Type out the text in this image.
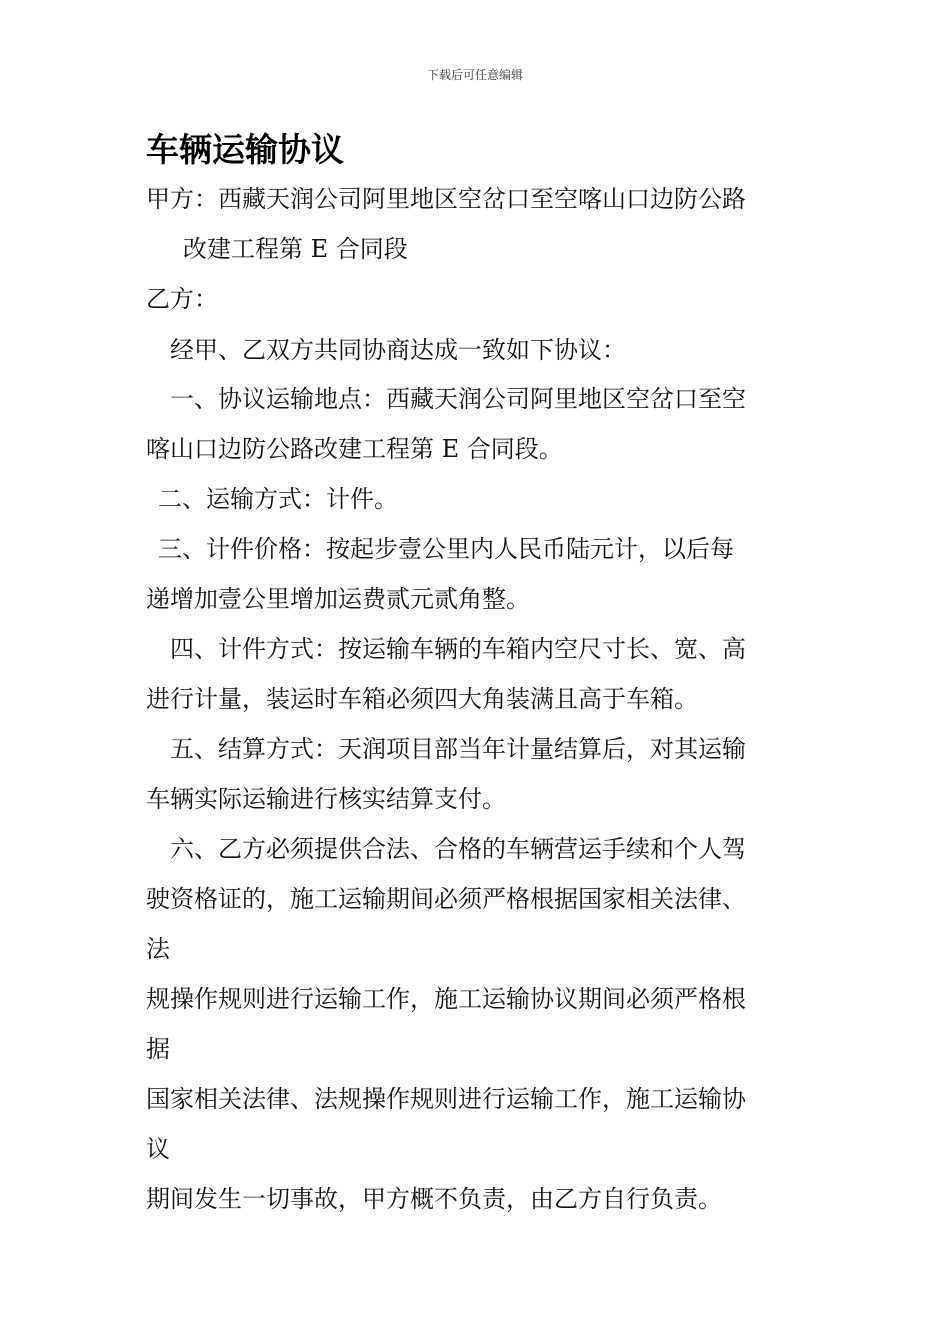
下载后可任意编辑
车辆运输协议

甲方：西藏天润公司阿里地区空岔口至空喀山口边防公路

改建工程第 E 合同段

乙方：

经甲、乙双方共同协商达成一致如下协议：

一、协议运输地点：西藏天润公司阿里地区空岔口至空

喀山口边防公路改建工程第 E 合同段。

二、运输方式：计件。

三、计件价格：按起步壹公里内人民币陆元计，以后每

递增加壹公里增加运费贰元贰角整。

四、计件方式：按运输车辆的车箱内空尺寸长、宽、高

进行计量，装运时车箱必须四大角装满且高于车箱。

五、结算方式：天润项目部当年计量结算后，对其运输

车辆实际运输进行核实结算支付。

六、乙方必须提供合法、合格的车辆营运手续和个人驾

驶资格证的，施工运输期间必须严格根据国家相关法律、

法

规操作规则进行运输工作，施工运输协议期间必须严格根

据

国家相关法律、法规操作规则进行运输工作，施工运输协

议

期间发生一切事故，甲方概不负责，由乙方自行负责。
